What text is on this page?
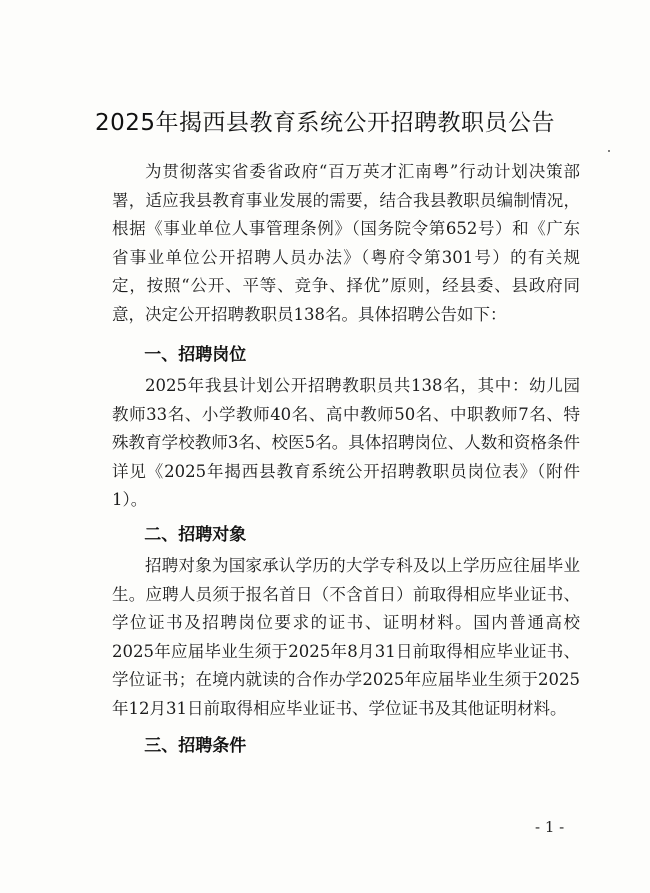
2025年揭西县教育系统公开招聘教职员公告

为贯彻落实省委省政府“百万英才汇南粤”行动计划决策部署，适应我县教育事业发展的需要，结合我县教职员编制情况，根据《事业单位人事管理条例》（国务院令第652号）和《广东省事业单位公开招聘人员办法》（粤府令第301号）的有关规定，按照“公开、平等、竞争、择优”原则，经县委、县政府同意，决定公开招聘教职员138名。具体招聘公告如下：

一、招聘岗位

2025年我县计划公开招聘教职员共138名，其中：幼儿园教师33名、小学教师40名、高中教师50名、中职教师7名、特殊教育学校教师3名、校医5名。具体招聘岗位、人数和资格条件详见《2025年揭西县教育系统公开招聘教职员岗位表》（附件1）。

二、招聘对象

招聘对象为国家承认学历的大学专科及以上学历应往届毕业生。应聘人员须于报名首日（不含首日）前取得相应毕业证书、学位证书及招聘岗位要求的证书、证明材料。国内普通高校2025年应届毕业生须于2025年8月31日前取得相应毕业证书、学位证书；在境内就读的合作办学2025年应届毕业生须于2025年12月31日前取得相应毕业证书、学位证书及其他证明材料。

三、招聘条件

- 1 -
